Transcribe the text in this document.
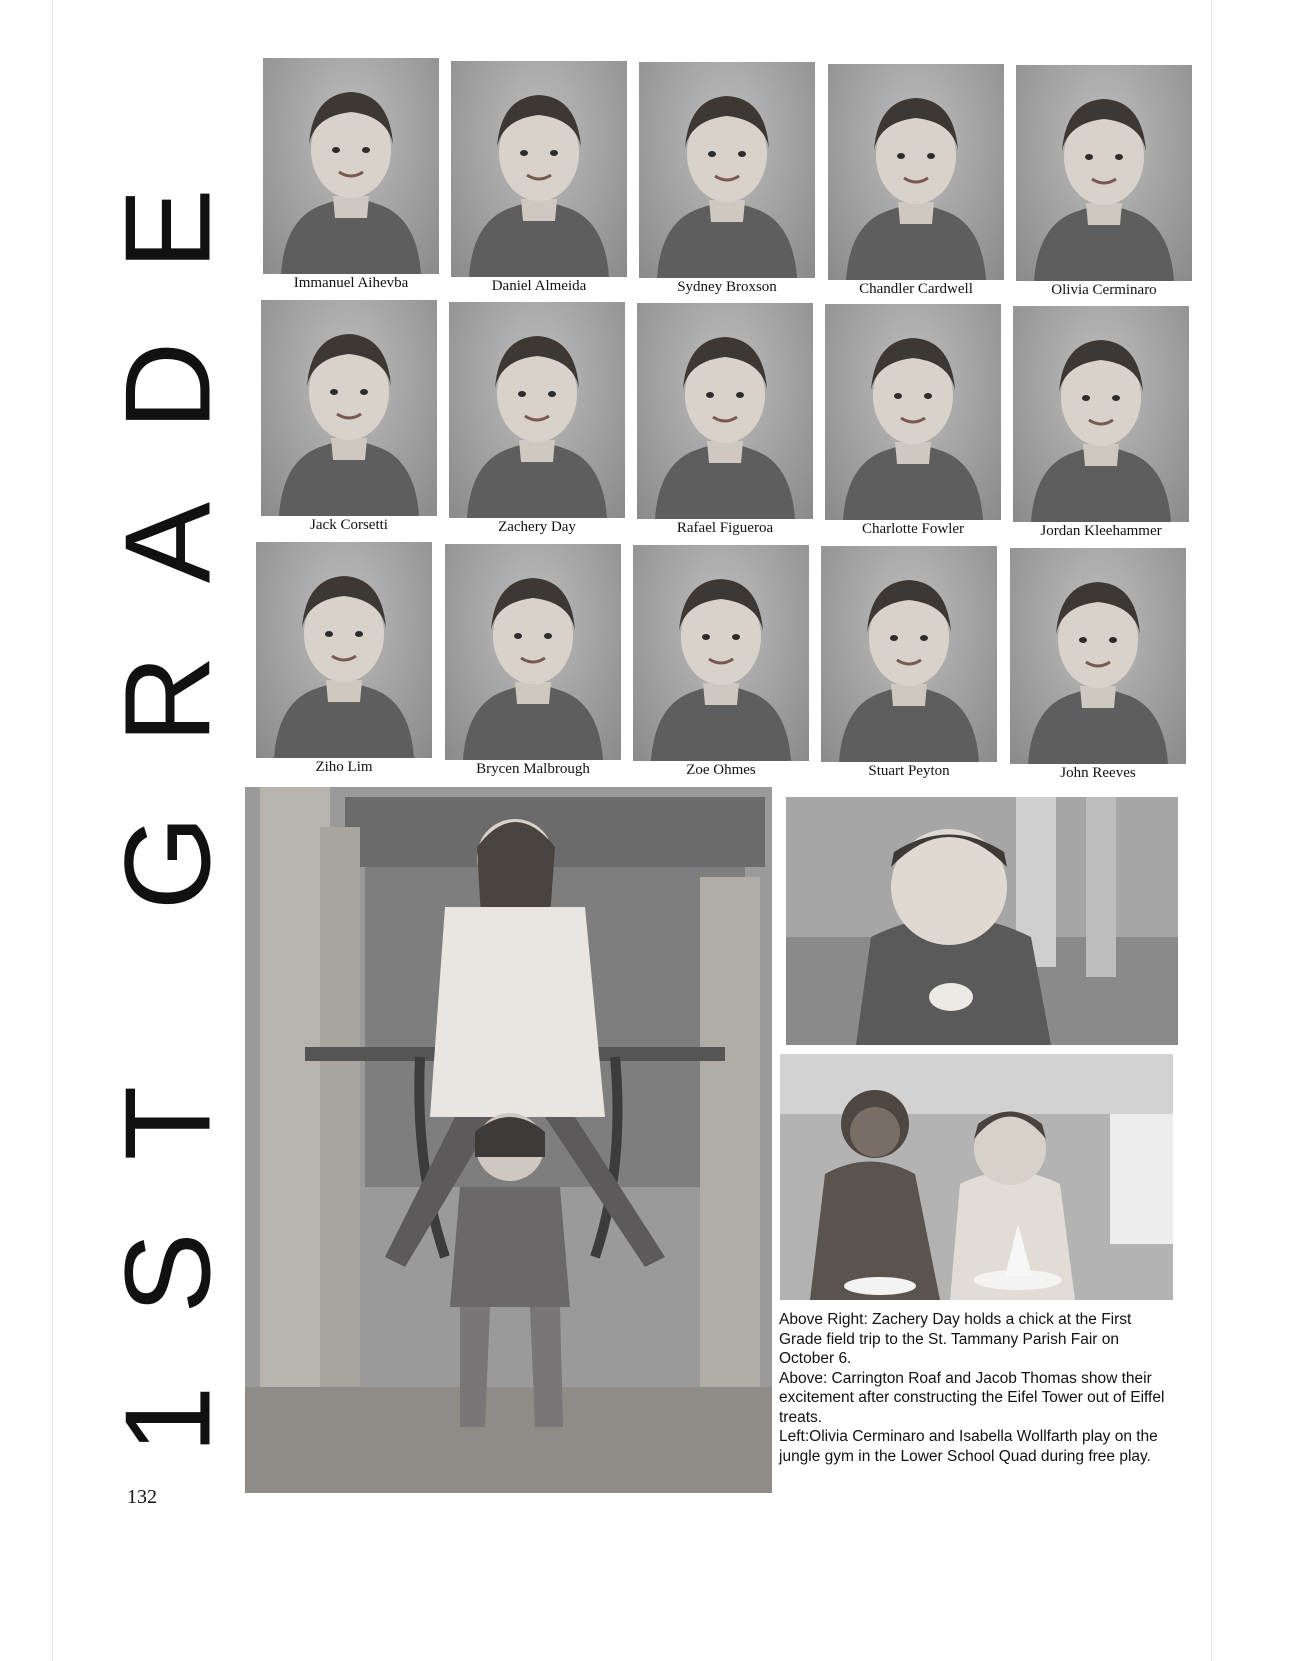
1ST GRADE
132
Immanuel Aihevba	Daniel Almeida	Sydney Broxson	Chandler Cardwell	Olivia Cerminaro
Jack Corsetti	Zachery Day	Rafael Figueroa	Charlotte Fowler	Jordan Kleehammer
Ziho Lim	Brycen Malbrough	Zoe Ohmes	Stuart Peyton	John Reeves

Above Right: Zachery Day holds a chick at the First Grade field trip to the St. Tammany Parish Fair on October 6.

Above: Carrington Roaf and Jacob Thomas show their excitement after constructing the Eifel Tower out of Eiffel treats.

Left:Olivia Cerminaro and Isabella Wollfarth play on the jungle gym in the Lower School Quad during free play.
